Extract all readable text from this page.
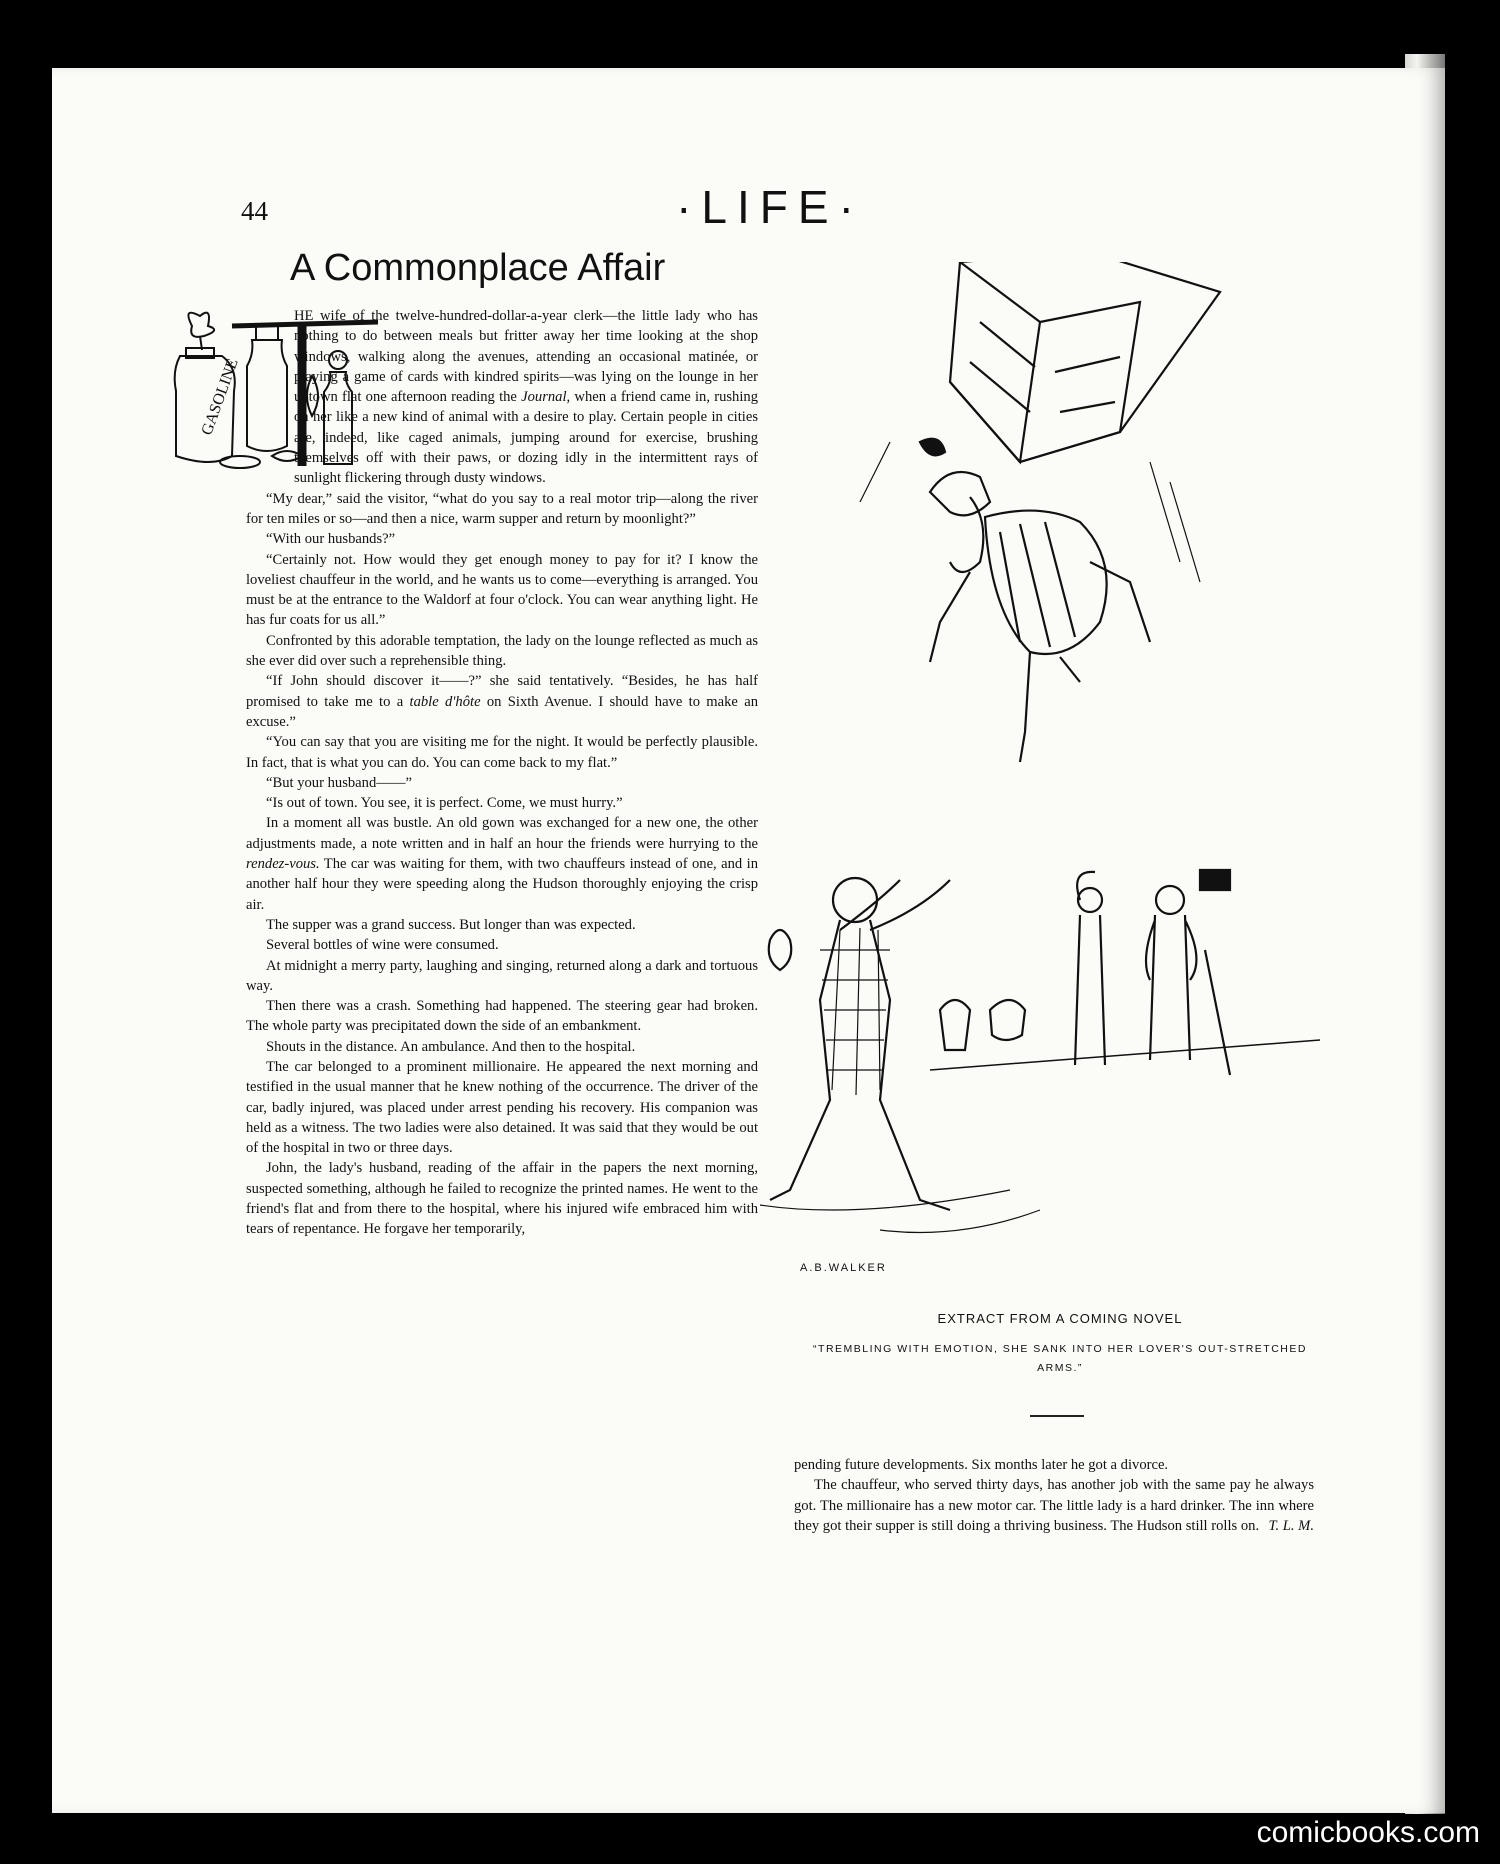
44	·LIFE·
A Commonplace Affair
GASOLINE

HE wife of the twelve-hundred-dollar-a-year clerk—the little lady who has nothing to do between meals but fritter away her time looking at the shop windows, walking along the avenues, attending an occasional matinée, or playing a game of cards with kindred spirits—was lying on the lounge in her uptown flat one afternoon reading the Journal, when a friend came in, rushing on her like a new kind of animal with a desire to play. Certain people in cities are, indeed, like caged animals, jumping around for exercise, brushing themselves off with their paws, or dozing idly in the intermittent rays of sunlight flickering through dusty windows.

“My dear,” said the visitor, “what do you say to a real motor trip—along the river for ten miles or so—and then a nice, warm supper and return by moonlight?”

“With our husbands?”

“Certainly not. How would they get enough money to pay for it? I know the loveliest chauffeur in the world, and he wants us to come—everything is arranged. You must be at the entrance to the Waldorf at four o'clock. You can wear anything light. He has fur coats for us all.”

Confronted by this adorable temptation, the lady on the lounge reflected as much as she ever did over such a reprehensible thing.

“If John should discover it——?” she said tentatively. “Besides, he has half promised to take me to a table d'hôte on Sixth Avenue. I should have to make an excuse.”

“You can say that you are visiting me for the night. It would be perfectly plausible. In fact, that is what you can do. You can come back to my flat.”

“But your husband——”

“Is out of town. You see, it is perfect. Come, we must hurry.”

In a moment all was bustle. An old gown was exchanged for a new one, the other adjustments made, a note written and in half an hour the friends were hurrying to the rendez-vous. The car was waiting for them, with two chauffeurs instead of one, and in another half hour they were speeding along the Hudson thoroughly enjoying the crisp air.

The supper was a grand success. But longer than was expected.

Several bottles of wine were consumed.

At midnight a merry party, laughing and singing, returned along a dark and tortuous way.

Then there was a crash. Something had happened. The steering gear had broken. The whole party was precipitated down the side of an embankment.

Shouts in the distance. An ambulance. And then to the hospital.

The car belonged to a prominent millionaire. He appeared the next morning and testified in the usual manner that he knew nothing of the occurrence. The driver of the car, badly injured, was placed under arrest pending his recovery. His companion was held as a witness. The two ladies were also detained. It was said that they would be out of the hospital in two or three days.

John, the lady's husband, reading of the affair in the papers the next morning, suspected something, although he failed to recognize the printed names. He went to the friend's flat and from there to the hospital, where his injured wife embraced him with tears of repentance. He forgave her temporarily,

pending future developments. Six months later he got a divorce.

The chauffeur, who served thirty days, has another job with the same pay he always got. The millionaire has a new motor car. The little lady is a hard drinker. The inn where they got their supper is still doing a thriving business. The Hudson still rolls on. T. L. M.
A.B.WALKER
EXTRACT FROM A COMING NOVEL
“TREMBLING WITH EMOTION, SHE SANK INTO HER LOVER'S OUT-STRETCHED ARMS.”
comicbooks.com
